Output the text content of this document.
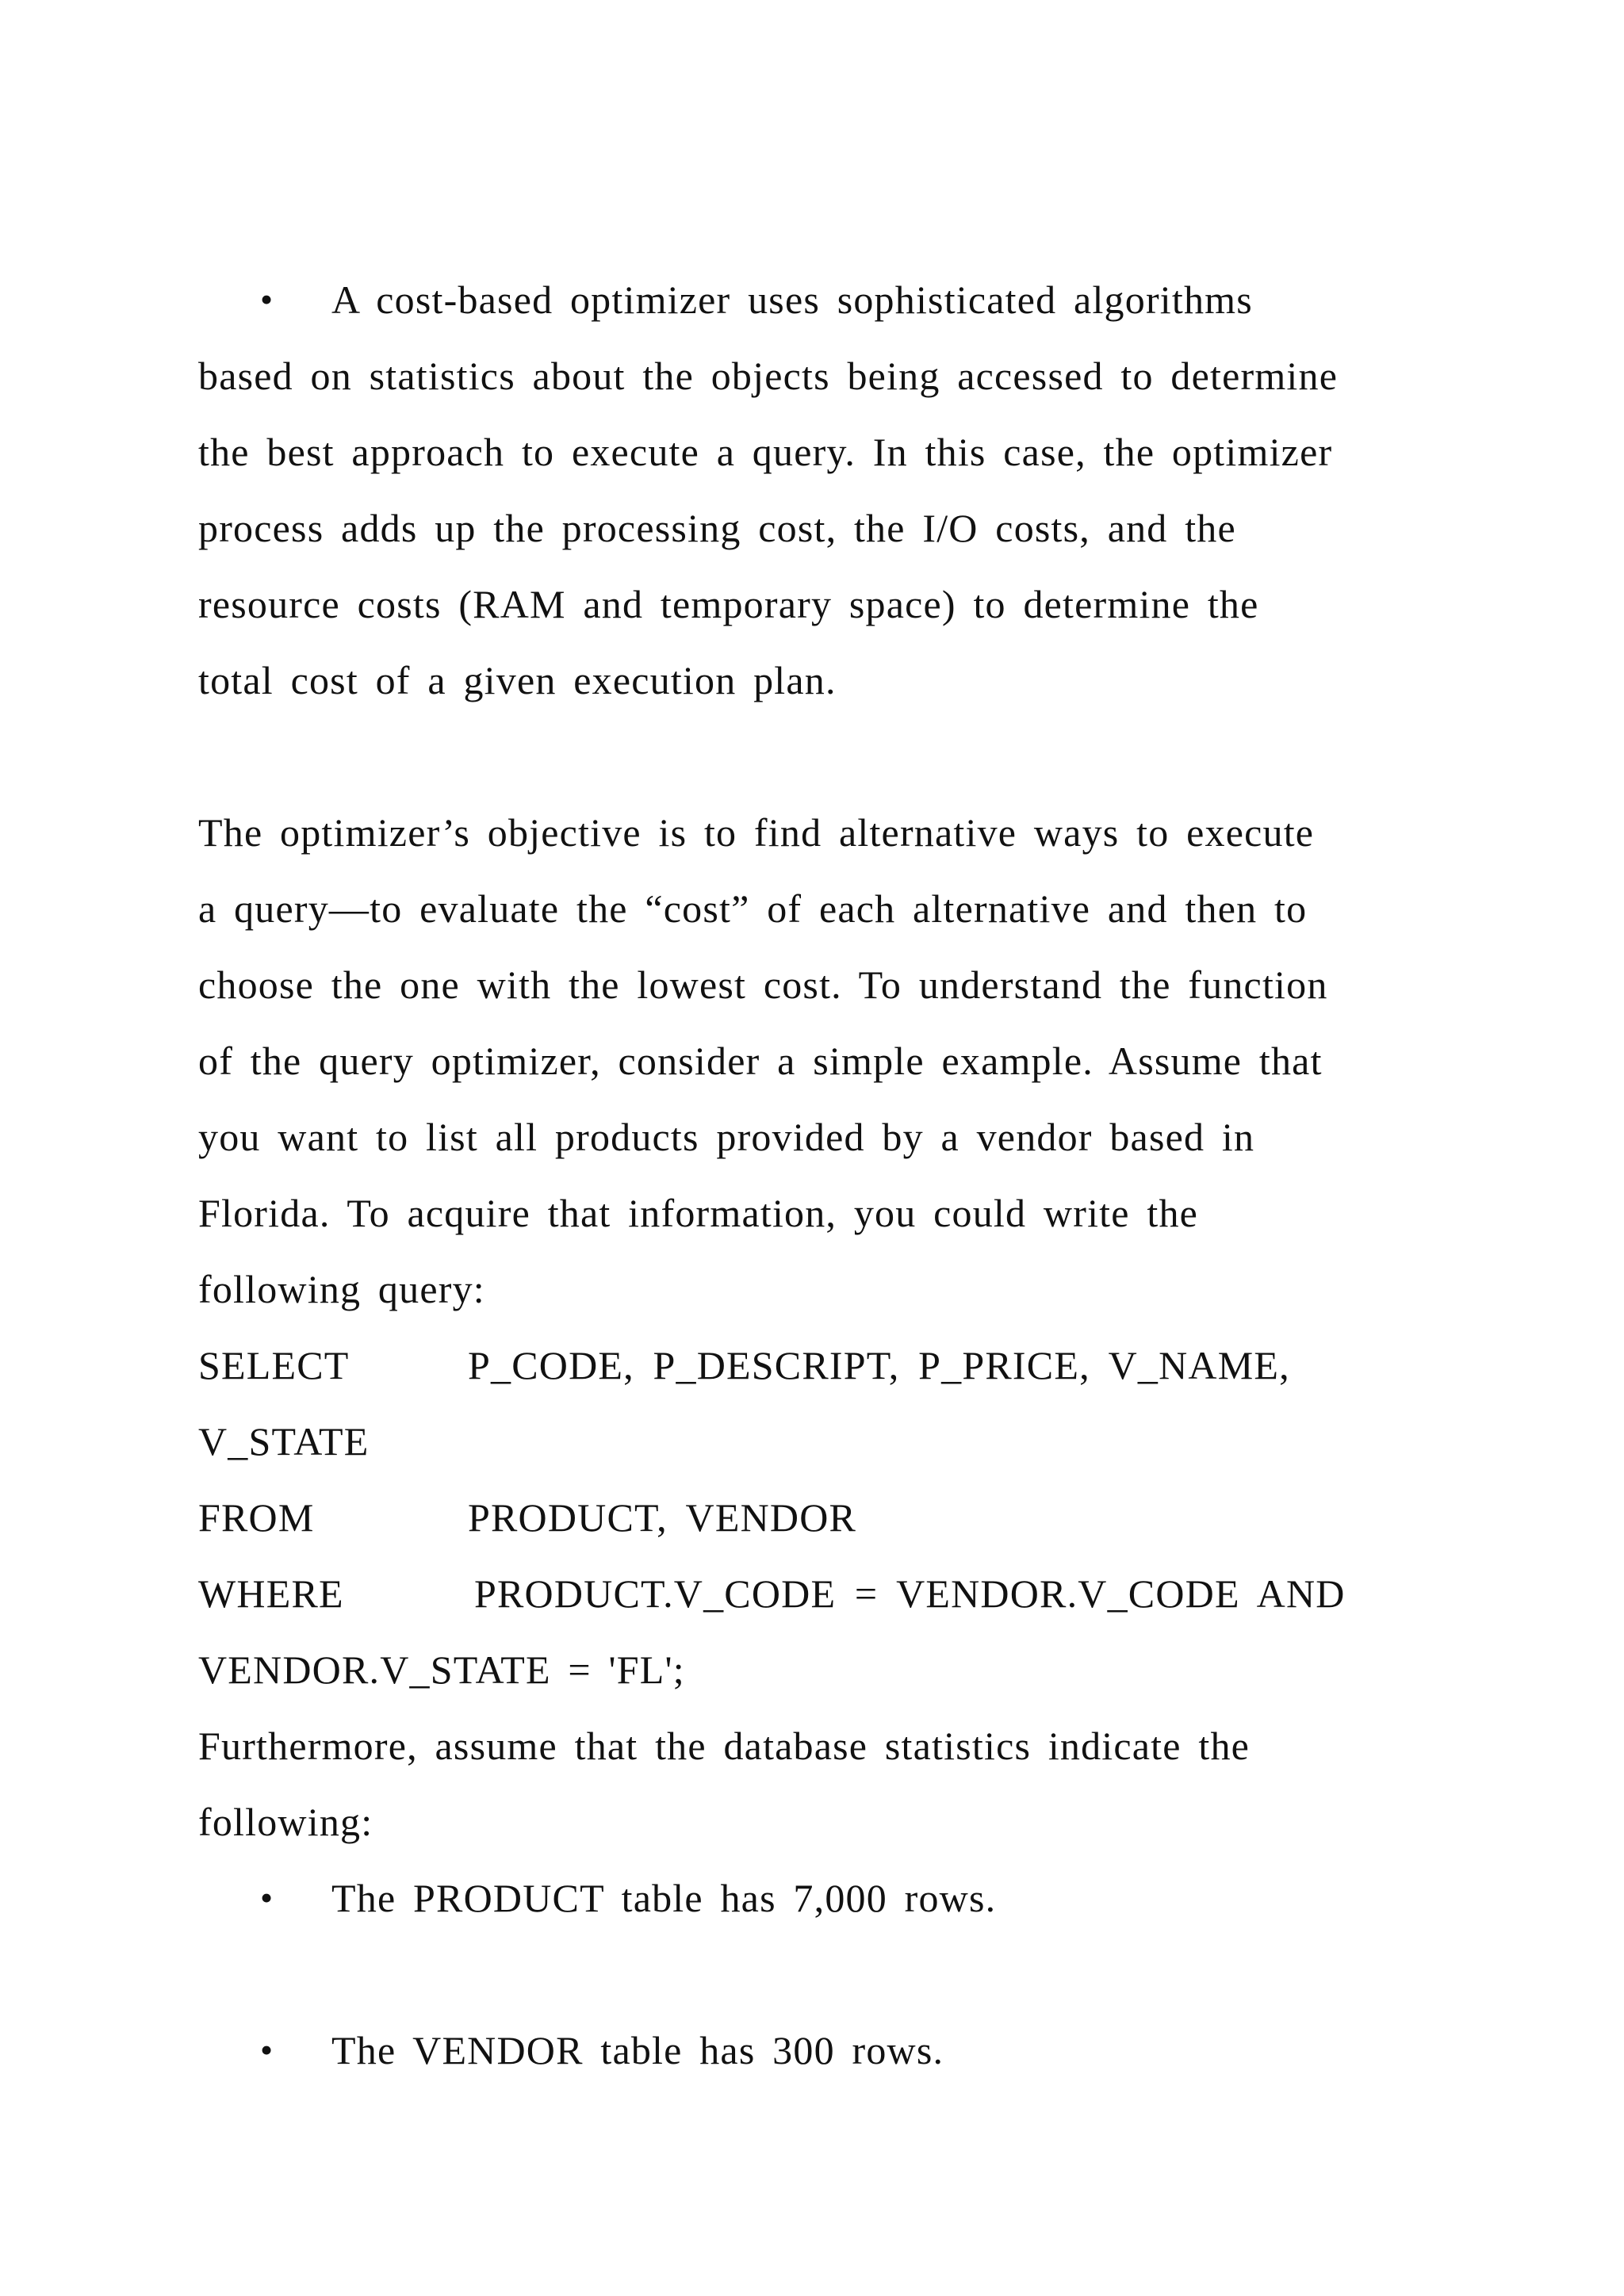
• A cost-based optimizer uses sophisticated algorithms
based on statistics about the objects being accessed to determine
the best approach to execute a query. In this case, the optimizer
process adds up the processing cost, the I/O costs, and the
resource costs (RAM and temporary space) to determine the
total cost of a given execution plan.
The optimizer’s objective is to find alternative ways to execute
a query—to evaluate the “cost” of each alternative and then to
choose the one with the lowest cost. To understand the function
of the query optimizer, consider a simple example. Assume that
you want to list all products provided by a vendor based in
Florida. To acquire that information, you could write the
following query:
SELECT	P_CODE, P_DESCRIPT, P_PRICE, V_NAME,
V_STATE
FROM	PRODUCT, VENDOR
WHERE	PRODUCT.V_CODE = VENDOR.V_CODE AND
VENDOR.V_STATE = 'FL';
Furthermore, assume that the database statistics indicate the
following:
• The PRODUCT table has 7,000 rows.
• The VENDOR table has 300 rows.
